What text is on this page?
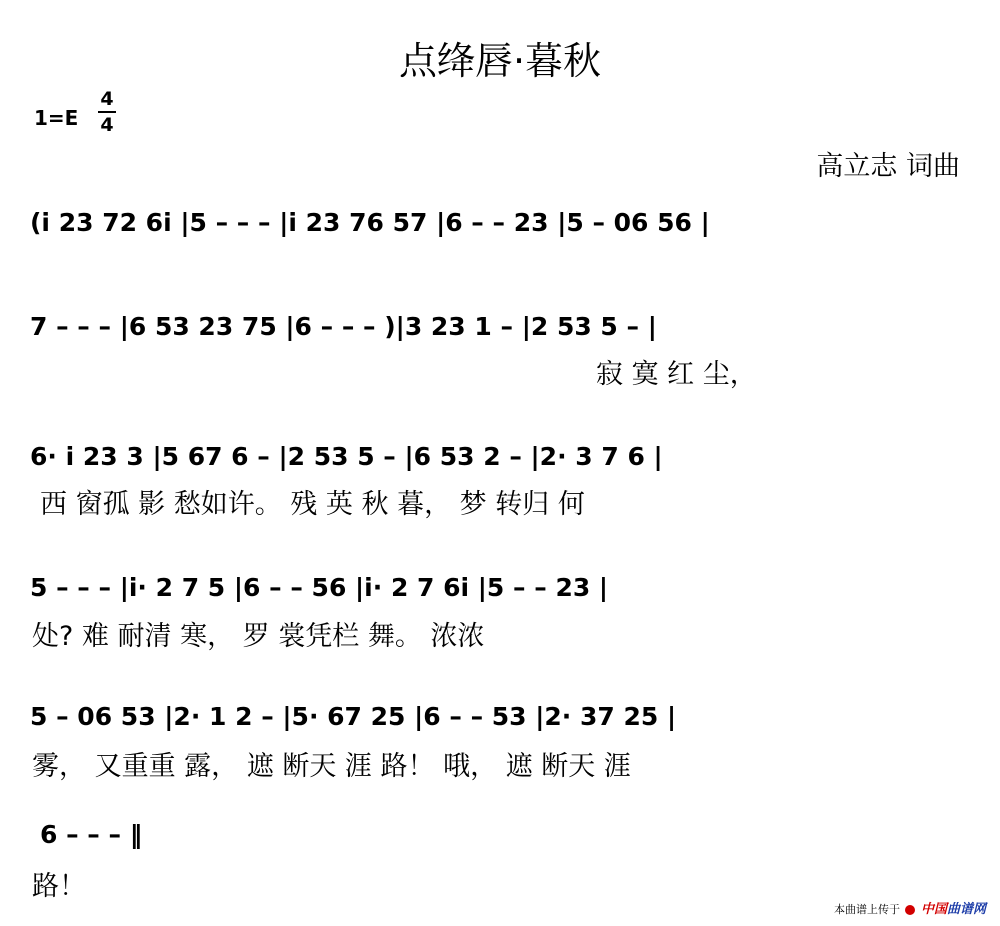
点绛唇·暮秋
1=E
4
4
高立志 词曲
(i 23 72 6i |5 – – – |i 23 76 57 |6 – – 23 |5 – 06 56 |
7 – – – |6 53 23 75 |6 – – – )|3 23 1 – |2 53 5 – |
寂 寞 红 尘，
6· i 23 3 |5 67 6 – |2 53 5 – |6 53 2 – |2· 3 7 6 |
西 窗孤 影 愁如许。 残 英 秋 暮， 梦 转归 何
5 – – – |i· 2 7 5 |6 – – 56 |i· 2 7 6i |5 – – 23 |
处? 难 耐清 寒， 罗 裳凭栏 舞。 浓浓
5 – 06 53 |2· 1 2 – |5· 67 25 |6 – – 53 |2· 37 25 |
雾， 又重重 露， 遮 断天 涯 路！ 哦， 遮 断天 涯
6 – – – ‖
路！
本曲谱上传于 中国曲谱网
